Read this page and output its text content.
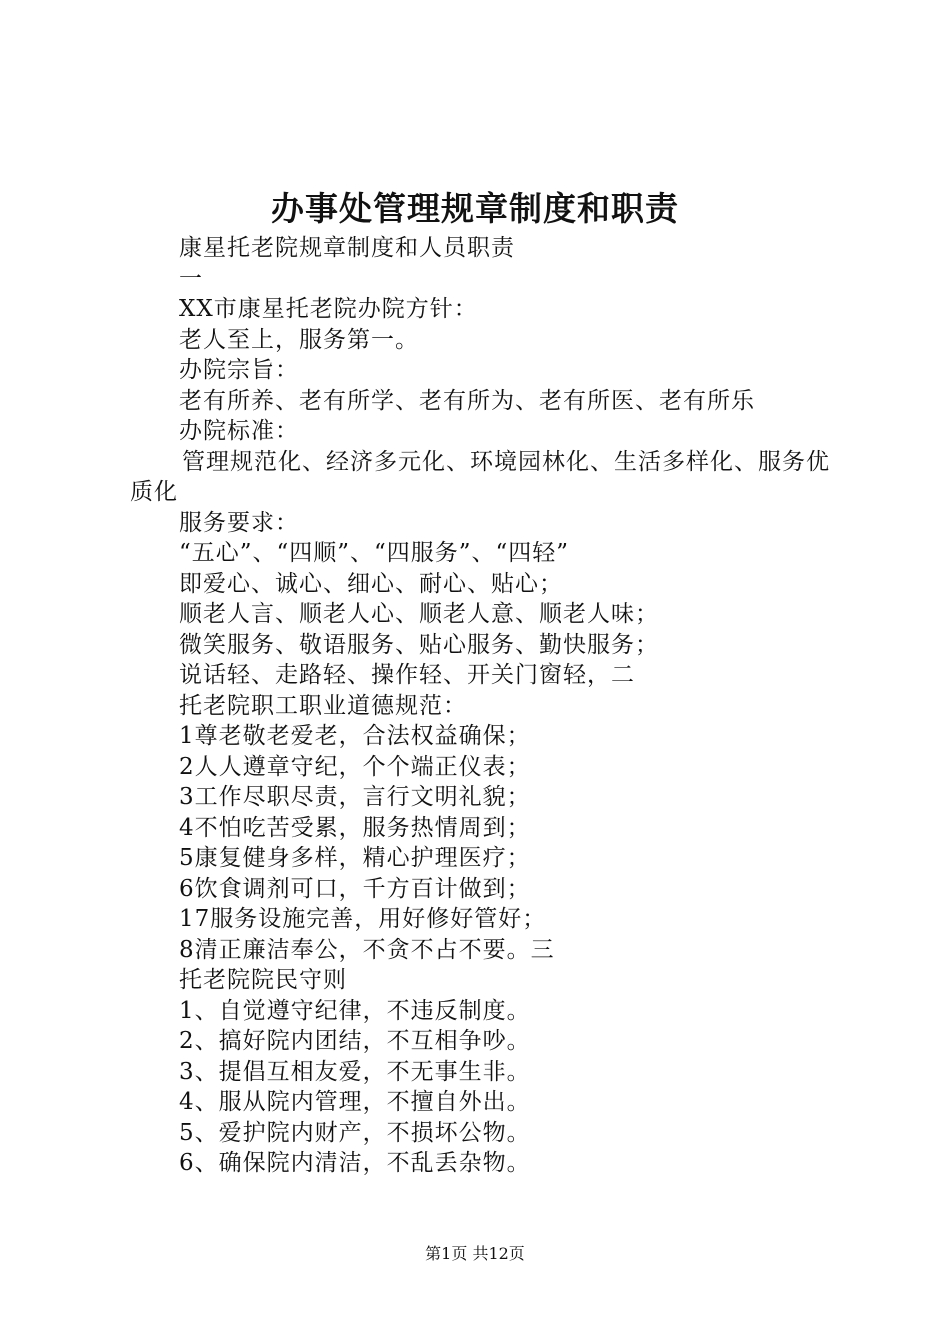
办事处管理规章制度和职责
康星托老院规章制度和人员职责
一
XX市康星托老院办院方针：
老人至上，服务第一。
办院宗旨：
老有所养、老有所学、老有所为、老有所医、老有所乐
办院标准：
管理规范化、经济多元化、环境园林化、生活多样化、服务优质化
服务要求：
“五心”、“四顺”、“四服务”、“四轻”
即爱心、诚心、细心、耐心、贴心；
顺老人言、顺老人心、顺老人意、顺老人味；
微笑服务、敬语服务、贴心服务、勤快服务；
说话轻、走路轻、操作轻、开关门窗轻，二
托老院职工职业道德规范：
1尊老敬老爱老，合法权益确保；
2人人遵章守纪，个个端正仪表；
3工作尽职尽责，言行文明礼貌；
4不怕吃苦受累，服务热情周到；
5康复健身多样，精心护理医疗；
6饮食调剂可口，千方百计做到；
17服务设施完善，用好修好管好；
8清正廉洁奉公，不贪不占不要。三
托老院院民守则
1、自觉遵守纪律，不违反制度。
2、搞好院内团结，不互相争吵。
3、提倡互相友爱，不无事生非。
4、服从院内管理，不擅自外出。
5、爱护院内财产，不损坏公物。
6、确保院内清洁，不乱丢杂物。
第1页 共12页
